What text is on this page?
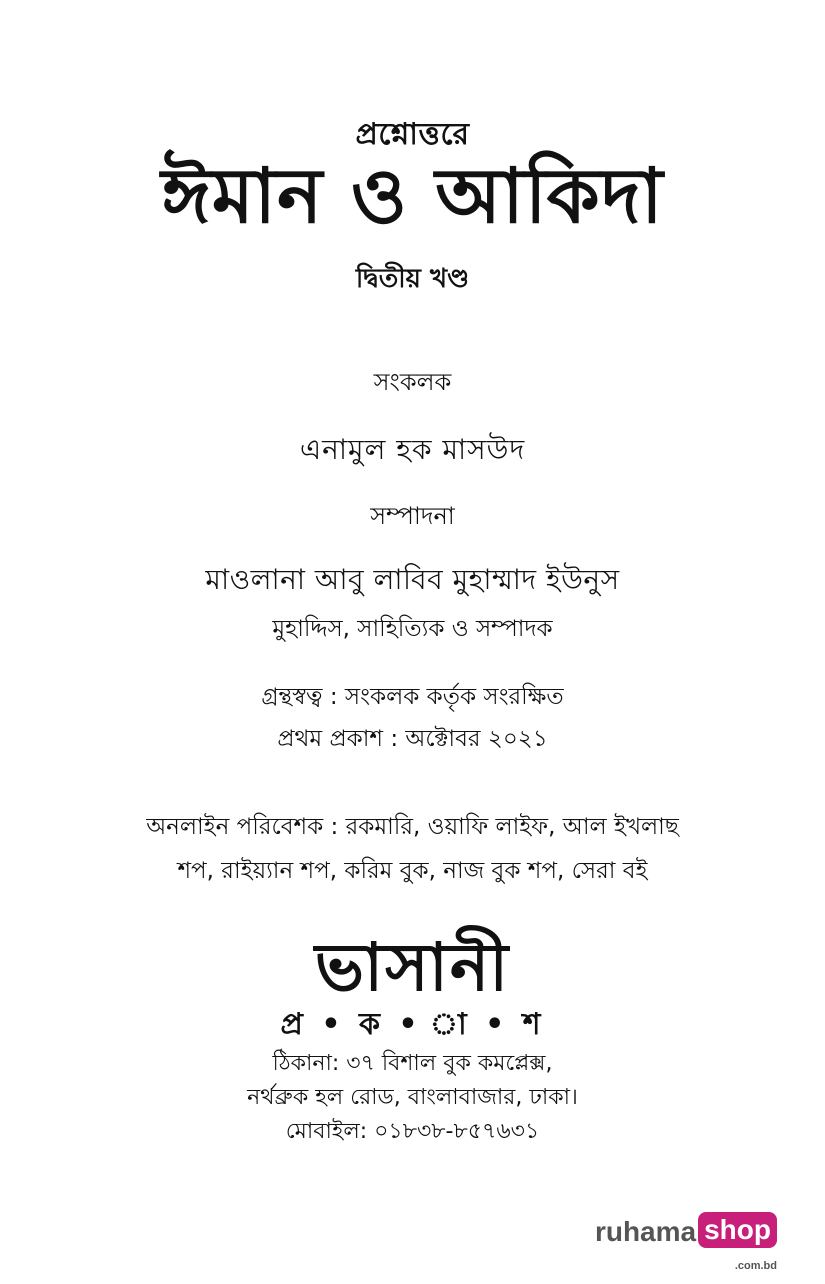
প্রশ্নোত্তরে
ঈমান ও আকিদা
দ্বিতীয় খণ্ড
সংকলক
এনামুল হক মাসউদ
সম্পাদনা
মাওলানা আবু লাবিব মুহাম্মাদ ইউনুস
মুহাদ্দিস, সাহিত্যিক ও সম্পাদক
গ্রন্থস্বত্ব : সংকলক কর্তৃক সংরক্ষিত
প্রথম প্রকাশ : অক্টোবর ২০২১
অনলাইন পরিবেশক : রকমারি, ওয়াফি লাইফ, আল ইখলাছ
শপ, রাইয়্যান শপ, করিম বুক, নাজ বুক শপ, সেরা বই
ভাসানী
প্র • ক • া • শ
ঠিকানা: ৩৭ বিশাল বুক কমপ্লেক্স,
নর্থব্রুক হল রোড, বাংলাবাজার, ঢাকা।
মোবাইল: ০১৮৩৮-৮৫৭৬৩১
ruhama shop
.com.bd
